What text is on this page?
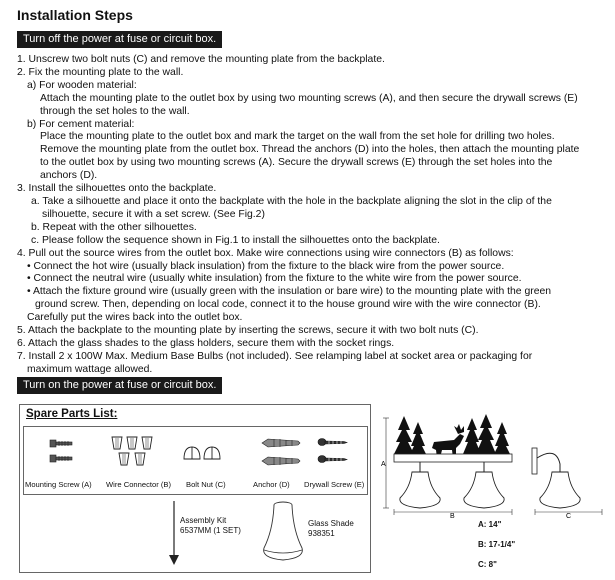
Installation Steps
Turn off the power at fuse or circuit box.
1. Unscrew two bolt nuts (C) and remove the mounting plate from the backplate.
2. Fix the mounting plate to the wall.
a) For wooden material:
Attach the mounting plate to the outlet box by using two mounting screws (A), and then secure the drywall screws (E)
through the set holes to the wall.
b) For cement material:
Place the mounting plate to the outlet box and mark the target on the wall from the set hole for drilling two holes.
Remove the mounting plate from the outlet box. Thread the anchors (D) into the holes, then attach the mounting plate
to the outlet box by using two mounting screws (A). Secure the drywall screws (E) through the set holes into the
anchors (D).
3. Install the silhouettes onto the backplate.
a. Take a silhouette and place it onto the backplate with the hole in the backplate aligning the slot in the clip of the
silhouette, secure it with a set screw. (See Fig.2)
b. Repeat with the other silhouettes.
c. Please follow the sequence shown in Fig.1 to install the silhouettes onto the backplate.
4. Pull out the source wires from the outlet box. Make wire connections using wire connectors (B) as follows:
• Connect the hot wire (usually black insulation) from the fixture to the black wire from the power source.
• Connect the neutral wire (usually white insulation) from the fixture to the white wire from the power source.
• Attach the fixture ground wire (usually green with the insulation or bare wire) to the mounting plate with the green
ground screw. Then, depending on local code, connect it to the house ground wire with the wire connector (B).
Carefully put the wires back into the outlet box.
5. Attach the backplate to the mounting plate by inserting the screws, secure it with two bolt nuts (C).
6. Attach the glass shades to the glass holders, secure them with the socket rings.
7. Install 2 x 100W Max. Medium Base Bulbs (not included). See relamping label at socket area or packaging for
maximum wattage allowed.
Turn on the power at fuse or circuit box.
Spare Parts List:
Mounting Screw (A) Wire Connector (B) Bolt Nut (C)	Anchor (D) Drywall Screw (E)
Assembly Kit
6537MM (1 SET)
Glass Shade
938351
A
B	C
A: 14"
B: 17-1/4"
C: 8"
